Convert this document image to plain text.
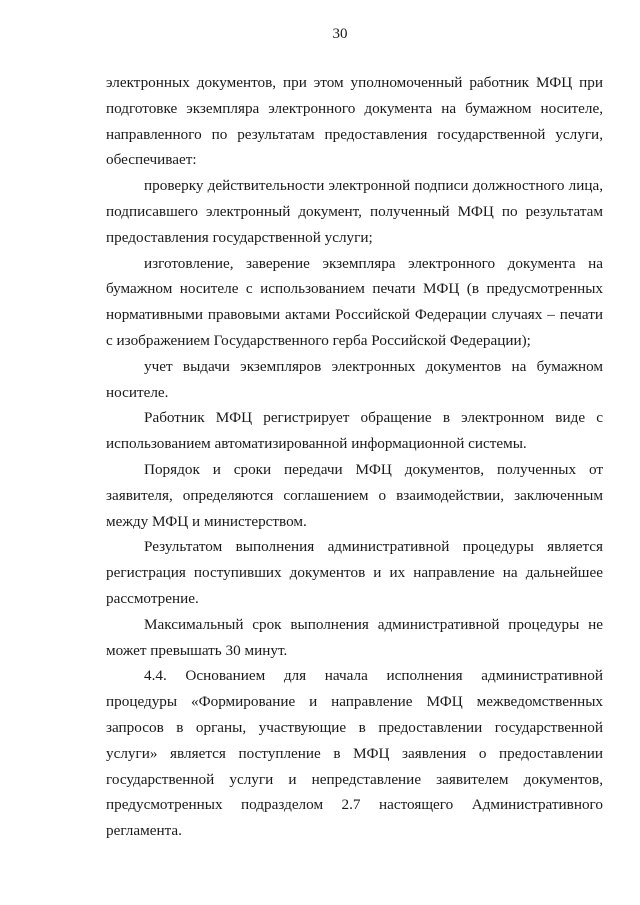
30

электронных документов, при этом уполномоченный работник МФЦ при подготовке экземпляра электронного документа на бумажном носителе, направленного по результатам предоставления государственной услуги, обеспечивает:

проверку действительности электронной подписи должностного лица, подписавшего электронный документ, полученный МФЦ по результатам предоставления государственной услуги;

изготовление, заверение экземпляра электронного документа на бумажном носителе с использованием печати МФЦ (в предусмотренных нормативными правовыми актами Российской Федерации случаях – печати с изображением Государственного герба Российской Федерации);

учет выдачи экземпляров электронных документов на бумажном носителе.

Работник МФЦ регистрирует обращение в электронном виде с использованием автоматизированной информационной системы.

Порядок и сроки передачи МФЦ документов, полученных от заявителя, определяются соглашением о взаимодействии, заключенным между МФЦ и министерством.

Результатом выполнения административной процедуры является регистрация поступивших документов и их направление на дальнейшее рассмотрение.

Максимальный срок выполнения административной процедуры не может превышать 30 минут.

4.4. Основанием для начала исполнения административной процедуры «Формирование и направление МФЦ межведомственных запросов в органы, участвующие в предоставлении государственной услуги» является поступление в МФЦ заявления о предоставлении государственной услуги и непредставление заявителем документов, предусмотренных подразделом 2.7 настоящего Административного регламента.
